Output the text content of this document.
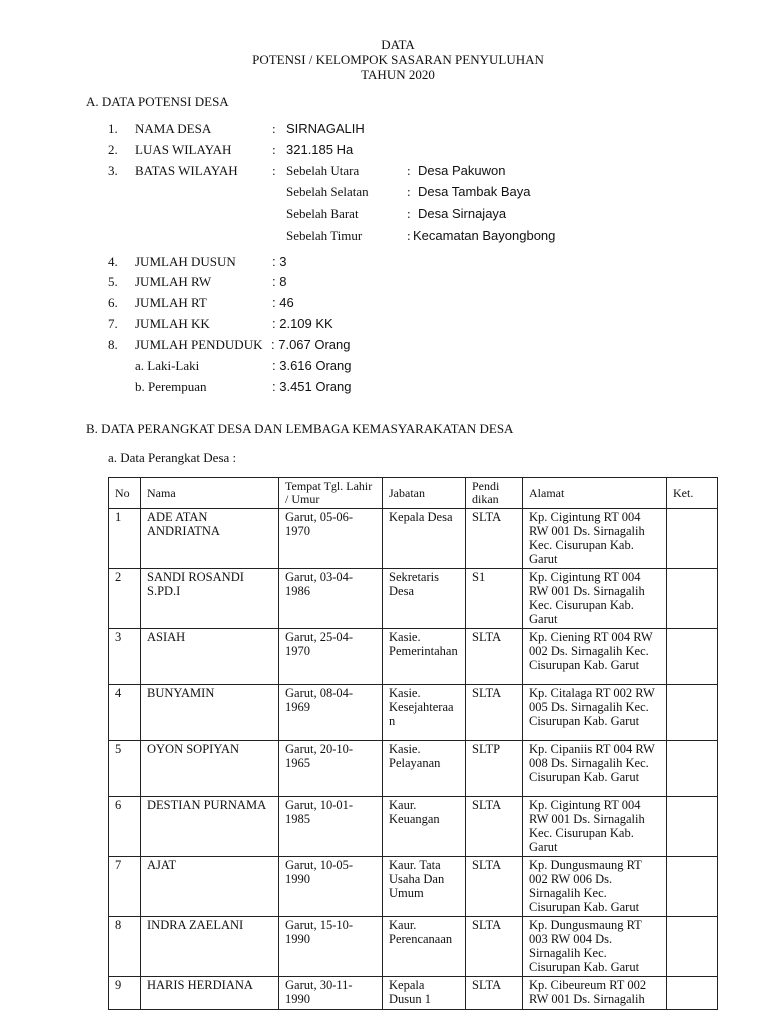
DATA
POTENSI / KELOMPOK SASARAN PENYULUHAN
TAHUN 2020
A. DATA POTENSI DESA
1. NAMA DESA	: SIRNAGALIH
2. LUAS WILAYAH	: 321.185 Ha
3. BATAS WILAYAH	: Sebelah Utara	: Desa Pakuwon
Sebelah Selatan	: Desa Tambak Baya
Sebelah Barat	: Desa Sirnajaya
Sebelah Timur	: Kecamatan Bayongbong
4. JUMLAH DUSUN	: 3
5. JUMLAH RW	: 8
6. JUMLAH RT	: 46
7. JUMLAH KK	: 2.109 KK
8. JUMLAH PENDUDUK : 7.067 Orang
a. Laki-Laki	: 3.616 Orang
b. Perempuan	: 3.451 Orang
B. DATA PERANGKAT DESA DAN LEMBAGA KEMASYARAKATAN DESA
a. Data Perangkat Desa :
No	Nama	Tempat Tgl. Lahir / Umur	Jabatan	Pendi dikan	Alamat	Ket.
1	ADE ATAN ANDRIATNA	Garut, 05-06-1970	Kepala Desa	SLTA	Kp. Cigintung RT 004 RW 001 Ds. Sirnagalih Kec. Cisurupan Kab. Garut	
2	SANDI ROSANDI S.PD.I	Garut, 03-04-1986	Sekretaris Desa	S1	Kp. Cigintung RT 004 RW 001 Ds. Sirnagalih Kec. Cisurupan Kab. Garut	
3	ASIAH	Garut, 25-04-1970	Kasie. Pemerintahan	SLTA	Kp. Ciening RT 004 RW 002 Ds. Sirnagalih Kec. Cisurupan Kab. Garut	
4	BUNYAMIN	Garut, 08-04-1969	Kasie. Kesejahteraan	SLTA	Kp. Citalaga RT 002 RW 005 Ds. Sirnagalih Kec. Cisurupan Kab. Garut	
5	OYON SOPIYAN	Garut, 20-10-1965	Kasie. Pelayanan	SLTP	Kp. Cipaniis RT 004 RW 008 Ds. Sirnagalih Kec. Cisurupan Kab. Garut	
6	DESTIAN PURNAMA	Garut, 10-01-1985	Kaur. Keuangan	SLTA	Kp. Cigintung RT 004 RW 001 Ds. Sirnagalih Kec. Cisurupan Kab. Garut	
7	AJAT	Garut, 10-05-1990	Kaur. Tata Usaha Dan Umum	SLTA	Kp. Dungusmaung RT 002 RW 006 Ds. Sirnagalih Kec. Cisurupan Kab. Garut	
8	INDRA ZAELANI	Garut, 15-10-1990	Kaur. Perencanaan	SLTA	Kp. Dungusmaung RT 003 RW 004 Ds. Sirnagalih Kec. Cisurupan Kab. Garut	
9	HARIS HERDIANA	Garut, 30-11-1990	Kepala Dusun 1	SLTA	Kp. Cibeureum RT 002 RW 001 Ds. Sirnagalih	
